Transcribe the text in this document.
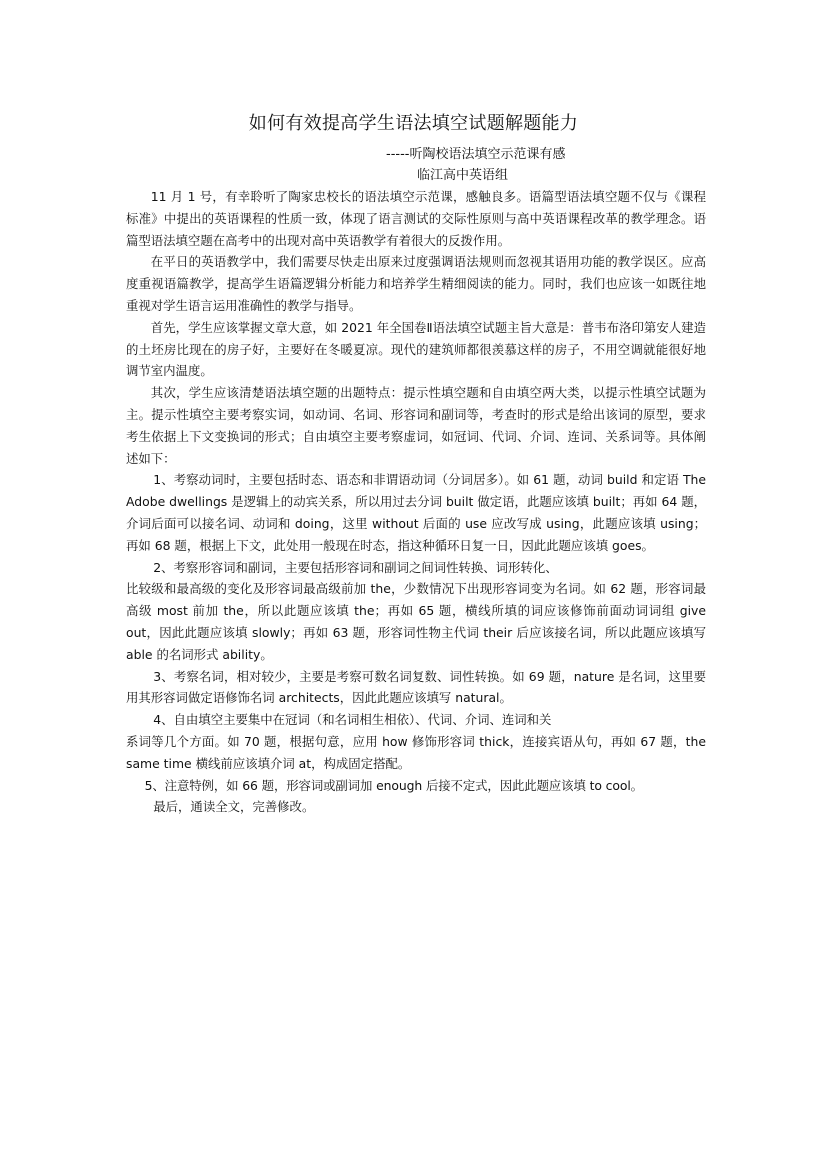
如何有效提高学生语法填空试题解题能力
-----听陶校语法填空示范课有感
临江高中英语组

11 月 1 号，有幸聆听了陶家忠校长的语法填空示范课，感触良多。语篇型语法填空题不仅与《课程标准》中提出的英语课程的性质一致，体现了语言测试的交际性原则与高中英语课程改革的教学理念。语篇型语法填空题在高考中的出现对高中英语教学有着很大的反拨作用。

在平日的英语教学中，我们需要尽快走出原来过度强调语法规则而忽视其语用功能的教学误区。应高度重视语篇教学，提高学生语篇逻辑分析能力和培养学生精细阅读的能力。同时，我们也应该一如既往地重视对学生语言运用准确性的教学与指导。

首先，学生应该掌握文章大意，如 2021 年全国卷Ⅱ语法填空试题主旨大意是：普韦布洛印第安人建造的土坯房比现在的房子好，主要好在冬暖夏凉。现代的建筑师都很羡慕这样的房子，不用空调就能很好地调节室内温度。

其次，学生应该清楚语法填空题的出题特点：提示性填空题和自由填空两大类，以提示性填空试题为主。提示性填空主要考察实词，如动词、名词、形容词和副词等，考查时的形式是给出该词的原型，要求考生依据上下文变换词的形式；自由填空主要考察虚词，如冠词、代词、介词、连词、关系词等。具体阐述如下：

1、考察动词时，主要包括时态、语态和非谓语动词（分词居多）。如 61 题，动词 build 和定语 The Adobe dwellings 是逻辑上的动宾关系，所以用过去分词 built 做定语，此题应该填 built；再如 64 题，介词后面可以接名词、动词和 doing，这里 without 后面的 use 应改写成 using，此题应该填 using；再如 68 题，根据上下文，此处用一般现在时态，指这种循环日复一日，因此此题应该填 goes。

2、考察形容词和副词，主要包括形容词和副词之间词性转换、词形转化、

比较级和最高级的变化及形容词最高级前加 the，少数情况下出现形容词变为名词。如 62 题，形容词最高级 most 前加 the，所以此题应该填 the；再如 65 题，横线所填的词应该修饰前面动词词组 give out，因此此题应该填 slowly；再如 63 题，形容词性物主代词 their 后应该接名词，所以此题应该填写 able 的名词形式 ability。

3、考察名词，相对较少，主要是考察可数名词复数、词性转换。如 69 题，nature 是名词，这里要用其形容词做定语修饰名词 architects，因此此题应该填写 natural。

4、自由填空主要集中在冠词（和名词相生相依）、代词、介词、连词和关

系词等几个方面。如 70 题，根据句意，应用 how 修饰形容词 thick，连接宾语从句，再如 67 题，the same time 横线前应该填介词 at，构成固定搭配。

5、注意特例，如 66 题，形容词或副词加 enough 后接不定式，因此此题应该填 to cool。

最后，通读全文，完善修改。
